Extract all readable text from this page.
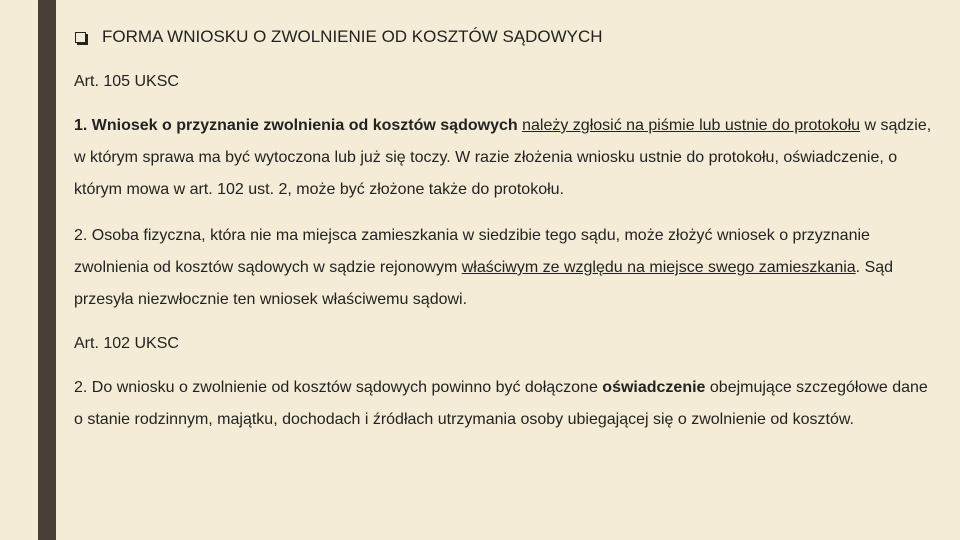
FORMA WNIOSKU O ZWOLNIENIE OD KOSZTÓW SĄDOWYCH
Art. 105 UKSC
1. Wniosek o przyznanie zwolnienia od kosztów sądowych należy zgłosić na piśmie lub ustnie do protokołu w sądzie, w którym sprawa ma być wytoczona lub już się toczy. W razie złożenia wniosku ustnie do protokołu, oświadczenie, o którym mowa w art. 102 ust. 2, może być złożone także do protokołu.
2. Osoba fizyczna, która nie ma miejsca zamieszkania w siedzibie tego sądu, może złożyć wniosek o przyznanie zwolnienia od kosztów sądowych w sądzie rejonowym właściwym ze względu na miejsce swego zamieszkania. Sąd przesyła niezwłocznie ten wniosek właściwemu sądowi.
Art. 102 UKSC
2. Do wniosku o zwolnienie od kosztów sądowych powinno być dołączone oświadczenie obejmujące szczegółowe dane o stanie rodzinnym, majątku, dochodach i źródłach utrzymania osoby ubiegającej się o zwolnienie od kosztów.
